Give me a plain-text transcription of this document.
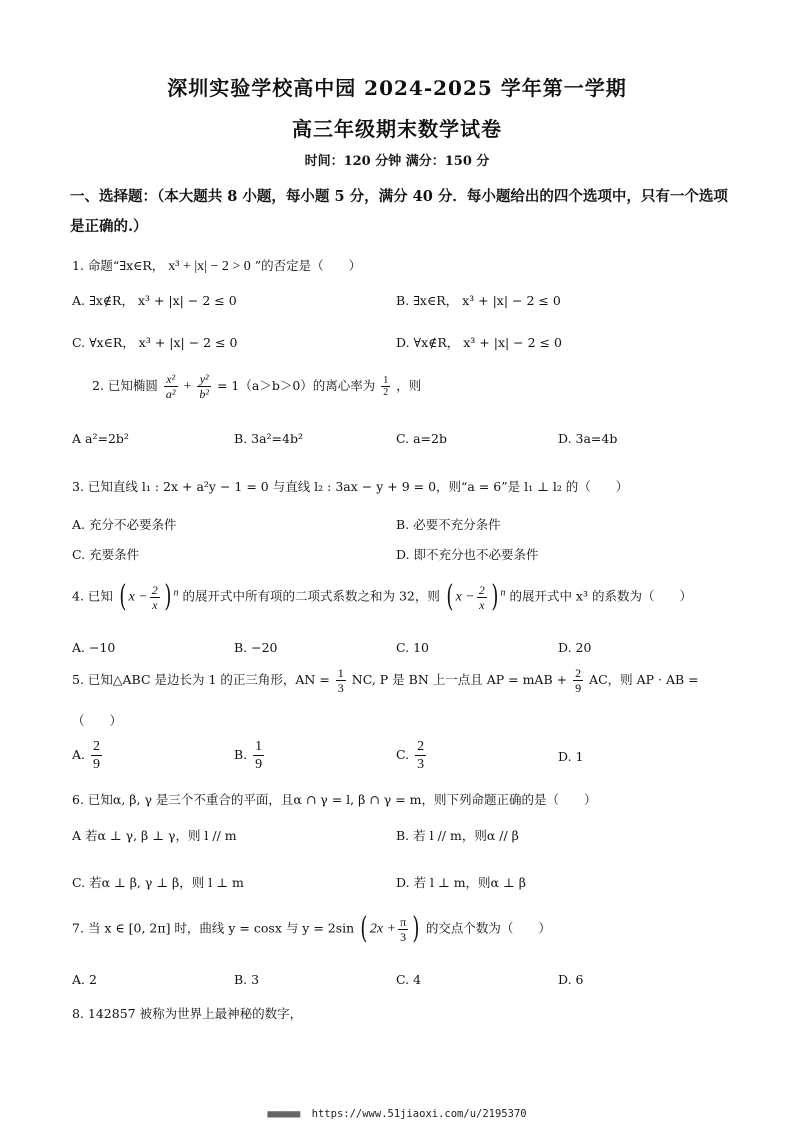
深圳实验学校高中园 2024-2025 学年第一学期
高三年级期末数学试卷
时间：120 分钟 满分：150 分
一、选择题：（本大题共 8 小题，每小题 5 分，满分 40 分．每小题给出的四个选项中，只有一个选项是正确的.）
1. 命题“∃x∈R， x³ + |x| − 2 > 0 ”的否定是（　　）
A. ∃x∉R， x³ + |x| − 2 ≤ 0	B. ∃x∈R， x³ + |x| − 2 ≤ 0
C. ∀x∈R， x³ + |x| − 2 ≤ 0	D. ∀x∉R， x³ + |x| − 2 ≤ 0
2. 已知椭圆 $\frac{\text{x²}}{\text{a²}} + \frac{\text{y²}}{\text{b²}} = 1(a>b>0)$的离心率为 $\frac{1}{2}$ ，则
A a²=2b²	B. 3a²=4b²	C. a=2b	D. 3a=4b
3. 已知直线 l₁ : 2x + a²y − 1 = 0 与直线 l₂ : 3ax − y + 9 = 0，则“a = 6”是 l₁ ⊥ l₂ 的（　　）
A. 充分不必要条件	B. 必要不充分条件
C. 充要条件	D. 即不充分也不必要条件
4. 已知 ( $x - \frac{2}{x}$ ) $^n$ 的展开式中所有项的二项式系数之和为 32，则 ( $x - \frac{2}{x}$ ) $^n$ 的展开式中 x³ 的系数为（　　）
A. −10	B. −20	C. 10	D. 20
5. 已知△ABC 是边长为 1 的正三角形，AN = $\frac{1}{3}$ NC, P 是 BN 上一点且 AP = mAB + $\frac{2}{9}$ AC，则 AP · AB =
（　　）
A. $\frac{2}{9}$	B. $\frac{1}{9}$	C. $\frac{2}{3}$	D. 1
6. 已知α, β, γ 是三个不重合的平面，且α ∩ γ = l, β ∩ γ = m，则下列命题正确的是（　　）
A 若α ⊥ γ, β ⊥ γ，则 l // m	B. 若 l // m，则α // β
C. 若α ⊥ β, γ ⊥ β，则 l ⊥ m	D. 若 l ⊥ m，则α ⊥ β
7. 当 x ∈ [0, 2π] 时，曲线 y = cosx 与 y = 2sin ( $2x + \frac{\pi}{3}$ ) 的交点个数为（　　）
A. 2	B. 3	C. 4	D. 6
8. 142857 被称为世界上最神秘的数字，
■■■■■■ https://www.51jiaoxi.com/u/2195370
